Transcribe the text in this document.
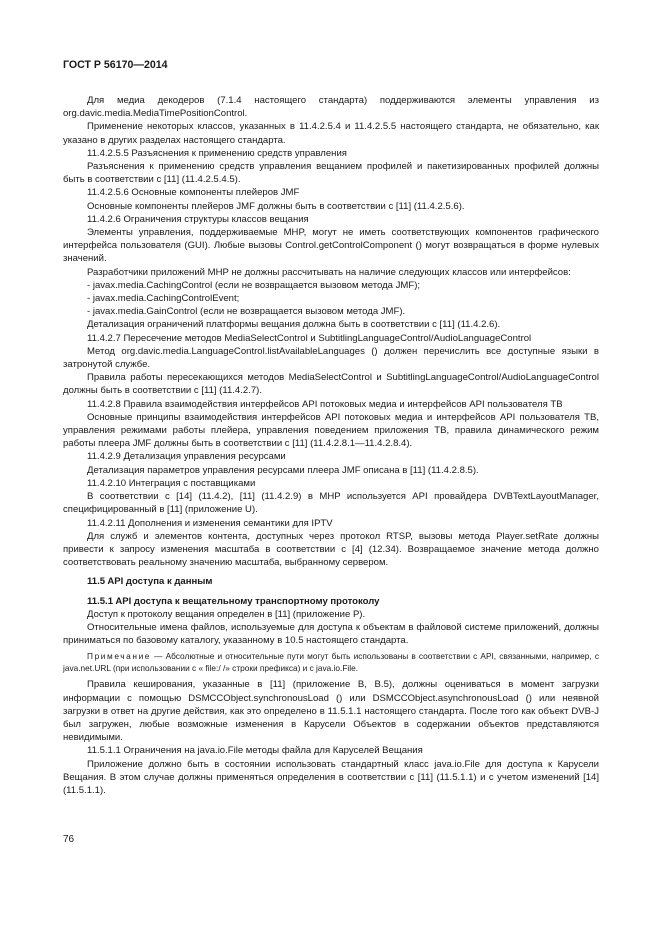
ГОСТ Р 56170—2014

Для медиа декодеров (7.1.4 настоящего стандарта) поддерживаются элементы управления из org.davic.media.MediaTimePositionControl.

Применение некоторых классов, указанных в 11.4.2.5.4 и 11.4.2.5.5 настоящего стандарта, не обязательно, как указано в других разделах настоящего стандарта.

11.4.2.5.5 Разъяснения к применению средств управления

Разъяснения к применению средств управления вещанием профилей и пакетизированных профилей должны быть в соответствии с [11] (11.4.2.5.4.5).

11.4.2.5.6 Основные компоненты плейеров JMF

Основные компоненты плейеров JMF должны быть в соответствии с [11] (11.4.2.5.6).

11.4.2.6 Ограничения структуры классов вещания

Элементы управления, поддерживаемые MHP, могут не иметь соответствующих компонентов графического интерфейса пользователя (GUI). Любые вызовы Control.getControlComponent () могут возвращаться в форме нулевых значений.

Разработчики приложений MHP не должны рассчитывать на наличие следующих классов или интерфейсов:

- javax.media.CachingControl (если не возвращается вызовом метода JMF);

- javax.media.CachingControlEvent;

- javax.media.GainControl (если не возвращается вызовом метода JMF).

Детализация ограничений платформы вещания должна быть в соответствии с [11] (11.4.2.6).

11.4.2.7 Пересечение методов MediaSelectControl и SubtitlingLanguageControl/AudioLanguageControl

Метод org.davic.media.LanguageControl.listAvailableLanguages () должен перечислить все доступные языки в затронутой службе.

Правила работы пересекающихся методов MediaSelectControl и SubtitlingLanguageControl/AudioLanguageControl должны быть в соответствии с [11] (11.4.2.7).

11.4.2.8 Правила взаимодействия интерфейсов API потоковых медиа и интерфейсов API пользователя ТВ

Основные принципы взаимодействия интерфейсов API потоковых медиа и интерфейсов API пользователя ТВ, управления режимами работы плейера, управления поведением приложения ТВ, правила динамического режим работы плеера JMF должны быть в соответствии с [11] (11.4.2.8.1—11.4.2.8.4).

11.4.2.9 Детализация управления ресурсами

Детализация параметров управления ресурсами плеера JMF описана в [11] (11.4.2.8.5).

11.4.2.10 Интеграция с поставщиками

В соответствии с [14] (11.4.2), [11] (11.4.2.9) в MHP используется API провайдера DVBTextLayoutManager, специфицированный в [11] (приложение U).

11.4.2.11 Дополнения и изменения семантики для IPTV

Для служб и элементов контента, доступных через протокол RTSP, вызовы метода Player.setRate должны привести к запросу изменения масштаба в соответствии с [4] (12.34). Возвращаемое значение метода должно соответствовать реальному значению масштаба, выбранному сервером.

11.5 API доступа к данным

11.5.1 API доступа к вещательному транспортному протоколу

Доступ к протоколу вещания определен в [11] (приложение P).

Относительные имена файлов, используемые для доступа к объектам в файловой системе приложений, должны приниматься по базовому каталогу, указанному в 10.5 настоящего стандарта.

Примечание — Абсолютные и относительные пути могут быть использованы в соответствии с API, связанными, например, с java.net.URL (при использовании с « file:/ /» строки префикса) и с java.io.File.

Правила кеширования, указанные в [11] (приложение B, B.5), должны оцениваться в момент загрузки информации с помощью DSMCCObject.synchronousLoad () или DSMCCObject.asynchronousLoad () или неявной загрузки в ответ на другие действия, как это определено в 11.5.1.1 настоящего стандарта. После того как объект DVB-J был загружен, любые возможные изменения в Карусели Объектов в содержании объектов представляются невидимыми.

11.5.1.1 Ограничения на java.io.File методы файла для Каруселей Вещания

Приложение должно быть в состоянии использовать стандартный класс java.io.File для доступа к Карусели Вещания. В этом случае должны применяться определения в соответствии с [11] (11.5.1.1) и с учетом изменений [14] (11.5.1.1).

76
